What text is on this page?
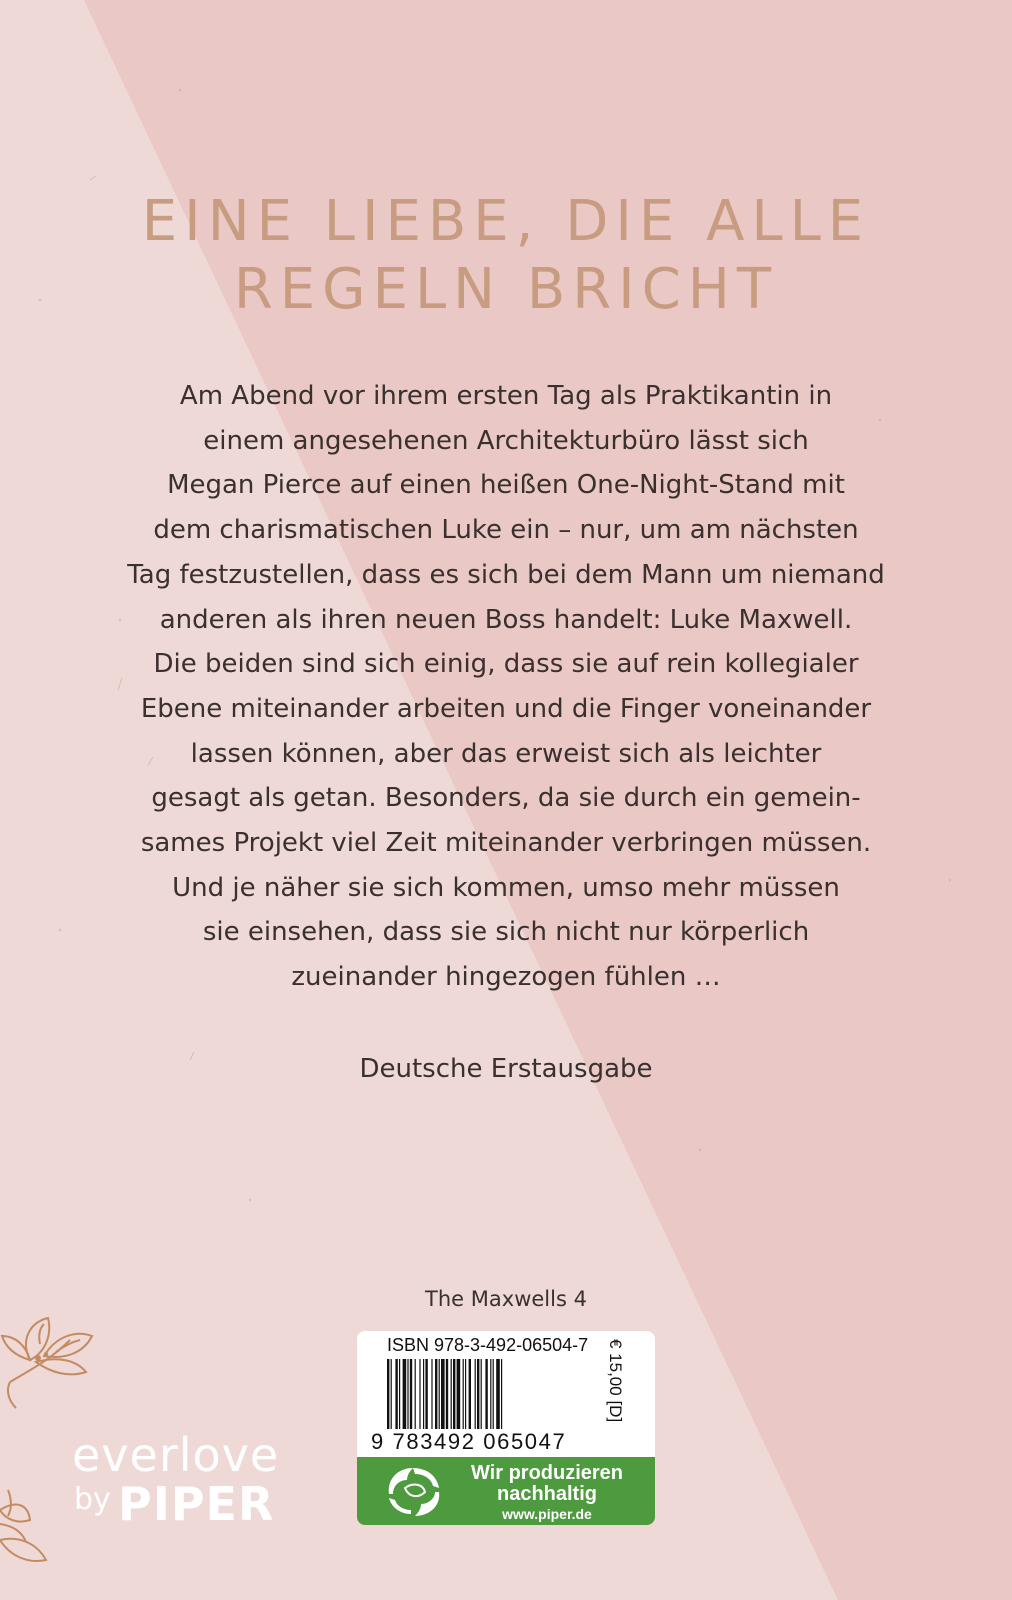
EINE LIEBE, DIE ALLE
REGELN BRICHT
Am Abend vor ihrem ersten Tag als Praktikantin in
einem angesehenen Architekturbüro lässt sich
Megan Pierce auf einen heißen One-Night-Stand mit
dem charismatischen Luke ein – nur, um am nächsten
Tag festzustellen, dass es sich bei dem Mann um niemand
anderen als ihren neuen Boss handelt: Luke Maxwell.
Die beiden sind sich einig, dass sie auf rein kollegialer
Ebene miteinander arbeiten und die Finger voneinander
lassen können, aber das erweist sich als leichter
gesagt als getan. Besonders, da sie durch ein gemein-
sames Projekt viel Zeit miteinander verbringen müssen.
Und je näher sie sich kommen, umso mehr müssen
sie einsehen, dass sie sich nicht nur körperlich
zueinander hingezogen fühlen …
Deutsche Erstausgabe
The Maxwells 4
ISBN 978-3-492-06504-7
9 783492 065047
€ 15,00 [D]
Wir produzieren
nachhaltig
www.piper.de
everlove
by PIPER
